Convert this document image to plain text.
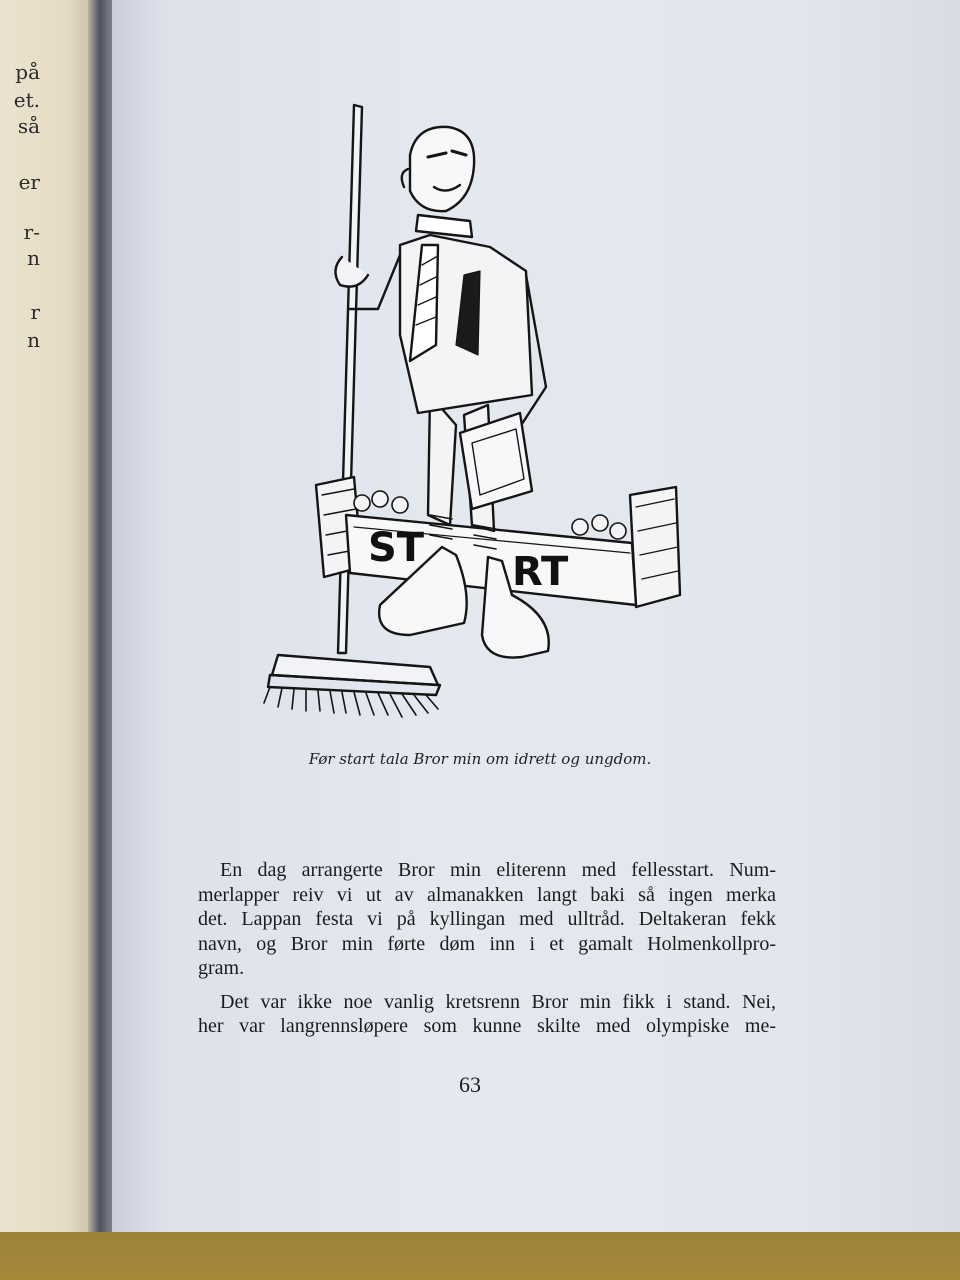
på
et.
så
er
r-
n
r
n
ST
RT
Før start tala Bror min om idrett og ungdom.
En dag arrangerte Bror min eliterenn med fellesstart. Num-
merlapper reiv vi ut av almanakken langt baki så ingen merka
det. Lappan festa vi på kyllingan med ulltråd. Deltakeran fekk
navn, og Bror min førte døm inn i et gamalt Holmenkollpro-
gram.
Det var ikke noe vanlig kretsrenn Bror min fikk i stand. Nei,
her var langrennsløpere som kunne skilte med olympiske me-
63
